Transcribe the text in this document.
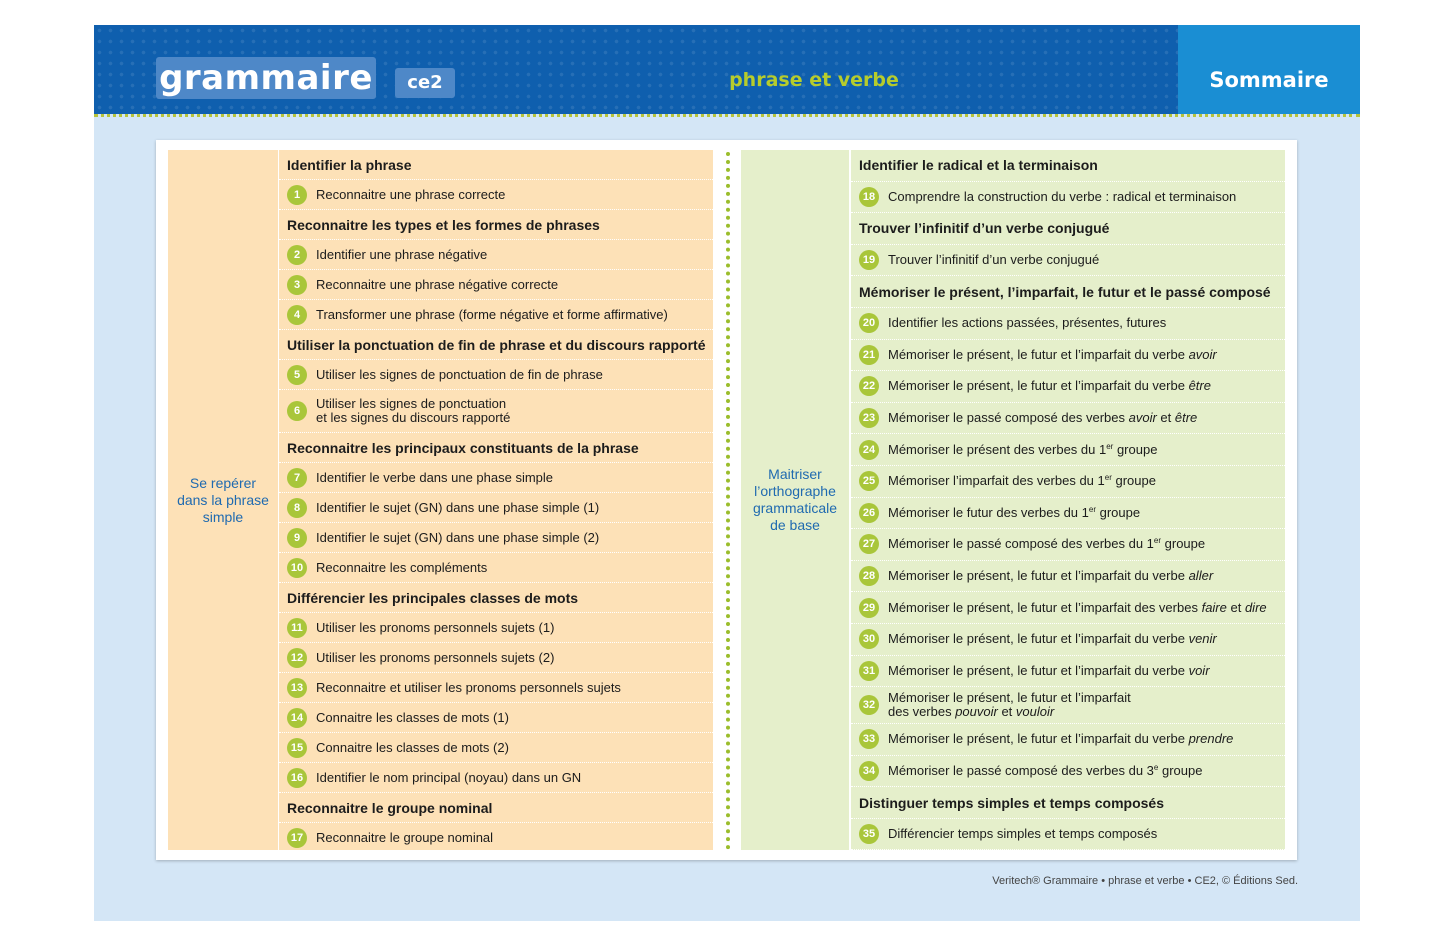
grammaire	ce2	phrase et verbe	Sommaire
Se repérer dans la phrase simple
Identifier la phrase
1	Reconnaitre une phrase correcte
Reconnaitre les types et les formes de phrases
2	Identifier une phrase négative
3	Reconnaitre une phrase négative correcte
4	Transformer une phrase (forme négative et forme affirmative)
Utiliser la ponctuation de fin de phrase et du discours rapporté
5	Utiliser les signes de ponctuation de fin de phrase
6	Utiliser les signes de ponctuation
et les signes du discours rapporté
Reconnaitre les principaux constituants de la phrase
7	Identifier le verbe dans une phase simple
8	Identifier le sujet (GN) dans une phase simple (1)
9	Identifier le sujet (GN) dans une phase simple (2)
10 Reconnaitre les compléments
Différencier les principales classes de mots
11	Utiliser les pronoms personnels sujets (1)
12 Utiliser les pronoms personnels sujets (2)
13 Reconnaitre et utiliser les pronoms personnels sujets
14 Connaitre les classes de mots (1)
15 Connaitre les classes de mots (2)
16 Identifier le nom principal (noyau) dans un GN
Reconnaitre le groupe nominal
17 Reconnaitre le groupe nominal
Maitriser l’orthographe grammaticale de base
Identifier le radical et la terminaison
18 Comprendre la construction du verbe : radical et terminaison
Trouver l’infinitif d’un verbe conjugué
19 Trouver l’infinitif d’un verbe conjugué
Mémoriser le présent, l’imparfait, le futur et le passé composé
20 Identifier les actions passées, présentes, futures
21 Mémoriser le présent, le futur et l’imparfait du verbe avoir
22 Mémoriser le présent, le futur et l’imparfait du verbe être
23 Mémoriser le passé composé des verbes avoir et être
24 Mémoriser le présent des verbes du 1er groupe
25 Mémoriser l’imparfait des verbes du 1er groupe
26 Mémoriser le futur des verbes du 1er groupe
27 Mémoriser le passé composé des verbes du 1er groupe
28 Mémoriser le présent, le futur et l’imparfait du verbe aller
29 Mémoriser le présent, le futur et l’imparfait des verbes faire et dire
30 Mémoriser le présent, le futur et l’imparfait du verbe venir
31 Mémoriser le présent, le futur et l’imparfait du verbe voir
32 Mémoriser le présent, le futur et l’imparfait
des verbes pouvoir et vouloir
33 Mémoriser le présent, le futur et l’imparfait du verbe prendre
34 Mémoriser le passé composé des verbes du 3e groupe
Distinguer temps simples et temps composés
35 Différencier temps simples et temps composés
Veritech® Grammaire • phrase et verbe • CE2, © Éditions Sed.
